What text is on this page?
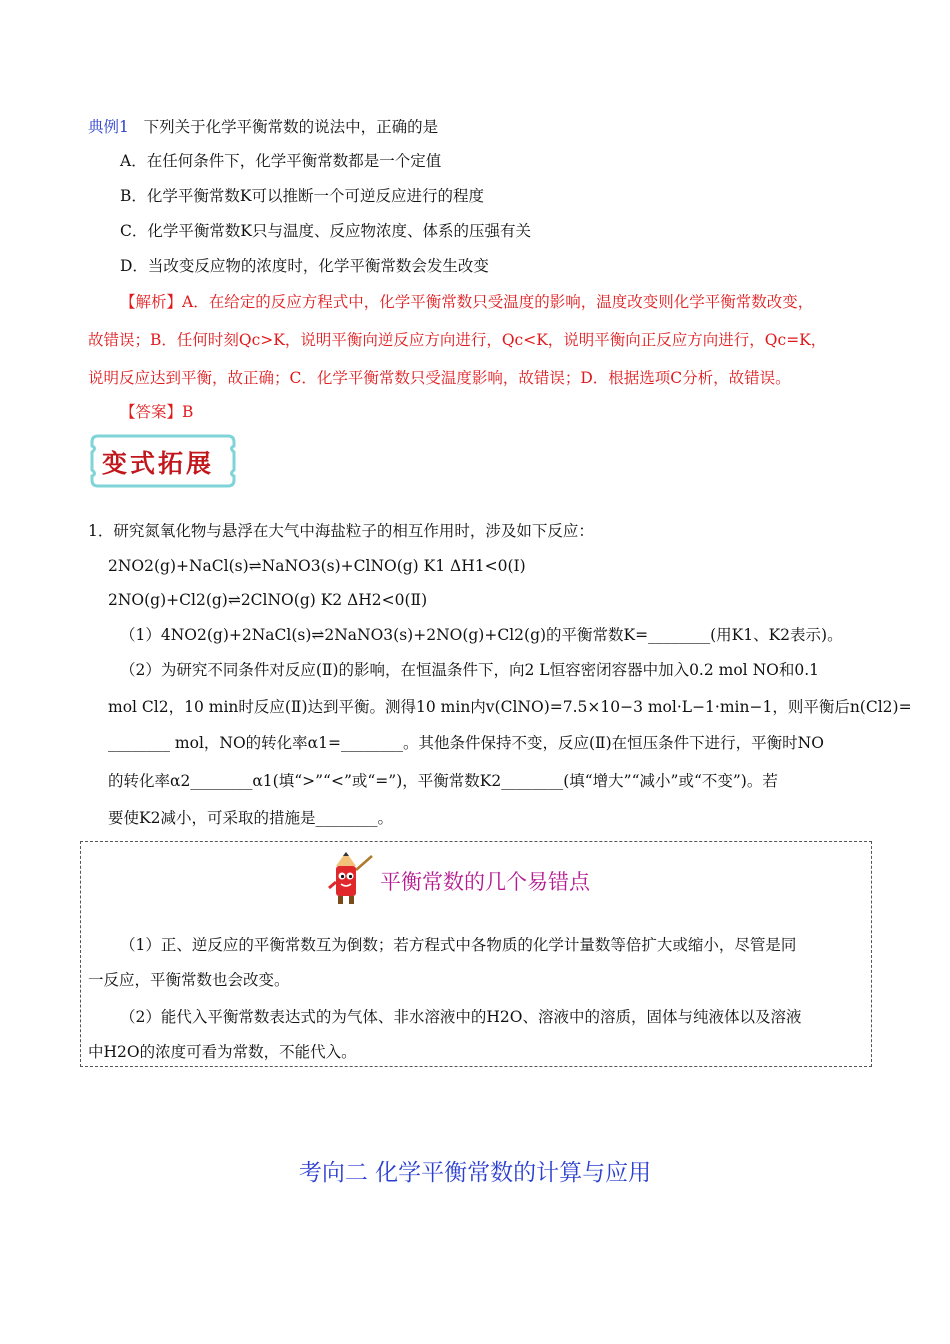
典例1 下列关于化学平衡常数的说法中，正确的是
A．在任何条件下，化学平衡常数都是一个定值
B．化学平衡常数K可以推断一个可逆反应进行的程度
C．化学平衡常数K只与温度、反应物浓度、体系的压强有关
D．当改变反应物的浓度时，化学平衡常数会发生改变
【解析】A．在给定的反应方程式中，化学平衡常数只受温度的影响，温度改变则化学平衡常数改变，
故错误；B．任何时刻Qc>K，说明平衡向逆反应方向进行，Qc<K，说明平衡向正反应方向进行，Qc=K，
说明反应达到平衡，故正确；C．化学平衡常数只受温度影响，故错误；D．根据选项C分析，故错误。
【答案】B
变式拓展
1．研究氮氧化物与悬浮在大气中海盐粒子的相互作用时，涉及如下反应：
2NO2(g)+NaCl(s)⇌NaNO3(s)+ClNO(g) K1 ΔH1<0(Ⅰ)
2NO(g)+Cl2(g)⇌2ClNO(g) K2 ΔH2<0(Ⅱ)
（1）4NO2(g)+2NaCl(s)⇌2NaNO3(s)+2NO(g)+Cl2(g)的平衡常数K=________(用K1、K2表示)。
（2）为研究不同条件对反应(Ⅱ)的影响，在恒温条件下，向2 L恒容密闭容器中加入0.2 mol NO和0.1
mol Cl2，10 min时反应(Ⅱ)达到平衡。测得10 min内v(ClNO)=7.5×10−3 mol·L−1·min−1，则平衡后n(Cl2)=
________ mol，NO的转化率α1=________。其他条件保持不变，反应(Ⅱ)在恒压条件下进行，平衡时NO
的转化率α2________α1(填“>”“<”或“=”)，平衡常数K2________(填“增大”“减小”或“不变”)。若
要使K2减小，可采取的措施是________。
平衡常数的几个易错点
（1）正、逆反应的平衡常数互为倒数；若方程式中各物质的化学计量数等倍扩大或缩小，尽管是同
一反应，平衡常数也会改变。
（2）能代入平衡常数表达式的为气体、非水溶液中的H2O、溶液中的溶质，固体与纯液体以及溶液
中H2O的浓度可看为常数，不能代入。
考向二 化学平衡常数的计算与应用
